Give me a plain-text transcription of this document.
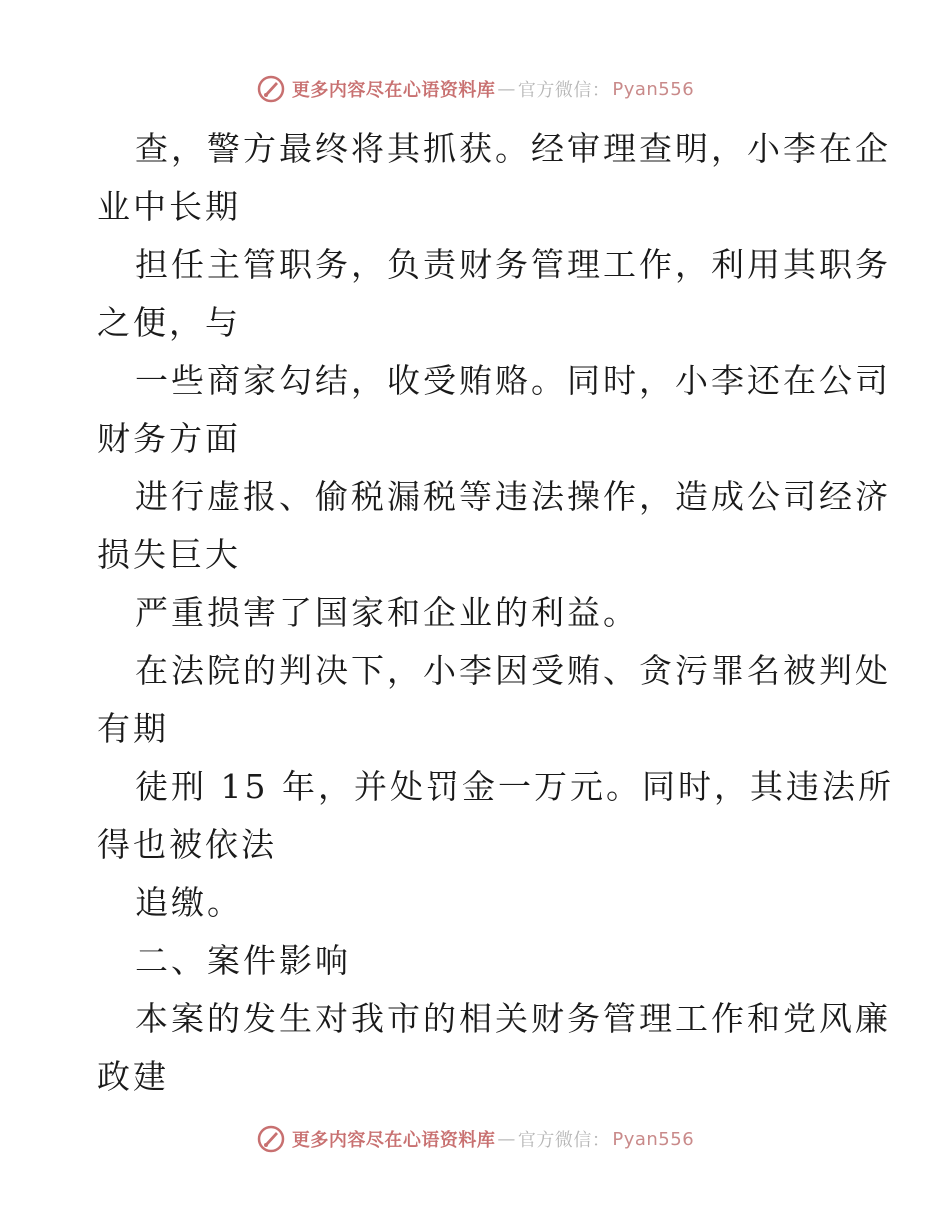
更多内容尽在心语资料库 — 官方微信： Pyan556
查，警方最终将其抓获。经审理查明，小李在企
业中长期
担任主管职务，负责财务管理工作，利用其职务
之便，与
一些商家勾结，收受贿赂。同时，小李还在公司
财务方面
进行虚报、偷税漏税等违法操作，造成公司经济
损失巨大
严重损害了国家和企业的利益。
在法院的判决下，小李因受贿、贪污罪名被判处
有期
徒刑 15 年，并处罚金一万元。同时，其违法所
得也被依法
追缴。
二、案件影响
本案的发生对我市的相关财务管理工作和党风廉
政建
更多内容尽在心语资料库 — 官方微信： Pyan556
